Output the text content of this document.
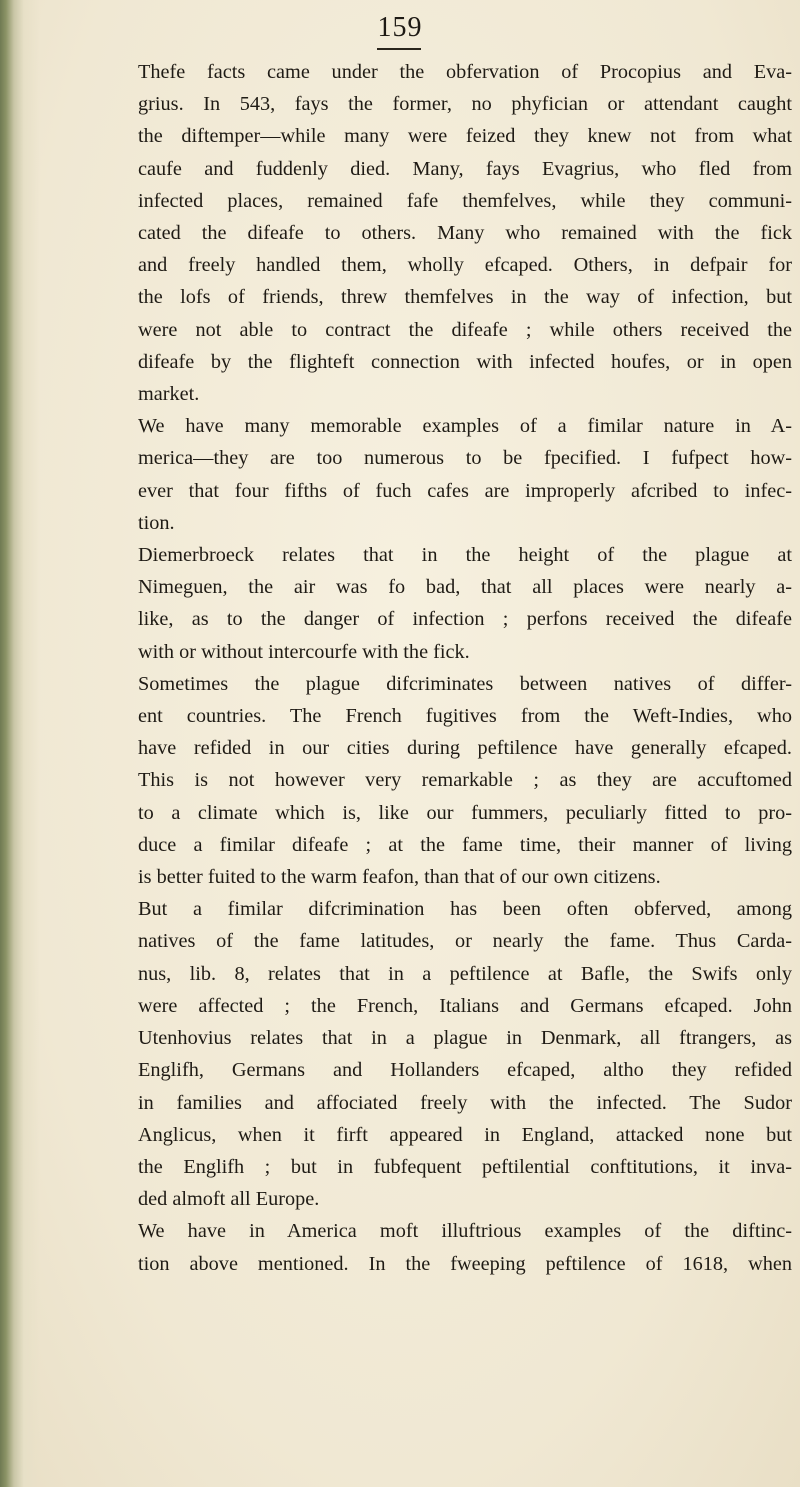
159

Thefe facts came under the obfervation of Procopius and Eva-
grius. In 543, fays the former, no phyfician or attendant caught
the diftemper—while many were feized they knew not from what
caufe and fuddenly died. Many, fays Evagrius, who fled from
infected places, remained fafe themfelves, while they communi-
cated the difeafe to others. Many who remained with the fick
and freely handled them, wholly efcaped. Others, in defpair for
the lofs of friends, threw themfelves in the way of infection, but
were not able to contract the difeafe ; while others received the
difeafe by the flighteft connection with infected houfes, or in open
market.

We have many memorable examples of a fimilar nature in A-
merica—they are too numerous to be fpecified. I fufpect how-
ever that four fifths of fuch cafes are improperly afcribed to infec-
tion.

Diemerbroeck relates that in the height of the plague at
Nimeguen, the air was fo bad, that all places were nearly a-
like, as to the danger of infection ; perfons received the difeafe
with or without intercourfe with the fick.

Sometimes the plague difcriminates between natives of differ-
ent countries. The French fugitives from the Weft-Indies, who
have refided in our cities during peftilence have generally efcaped.
This is not however very remarkable ; as they are accuftomed
to a climate which is, like our fummers, peculiarly fitted to pro-
duce a fimilar difeafe ; at the fame time, their manner of living
is better fuited to the warm feafon, than that of our own citizens.

But a fimilar difcrimination has been often obferved, among
natives of the fame latitudes, or nearly the fame. Thus Carda-
nus, lib. 8, relates that in a peftilence at Bafle, the Swifs only
were affected ; the French, Italians and Germans efcaped. John
Utenhovius relates that in a plague in Denmark, all ftrangers, as
Englifh, Germans and Hollanders efcaped, altho they refided
in families and affociated freely with the infected. The Sudor
Anglicus, when it firft appeared in England, attacked none but
the Englifh ; but in fubfequent peftilential conftitutions, it inva-
ded almoft all Europe.

We have in America moft illuftrious examples of the diftinc-
tion above mentioned. In the fweeping peftilence of 1618, when
